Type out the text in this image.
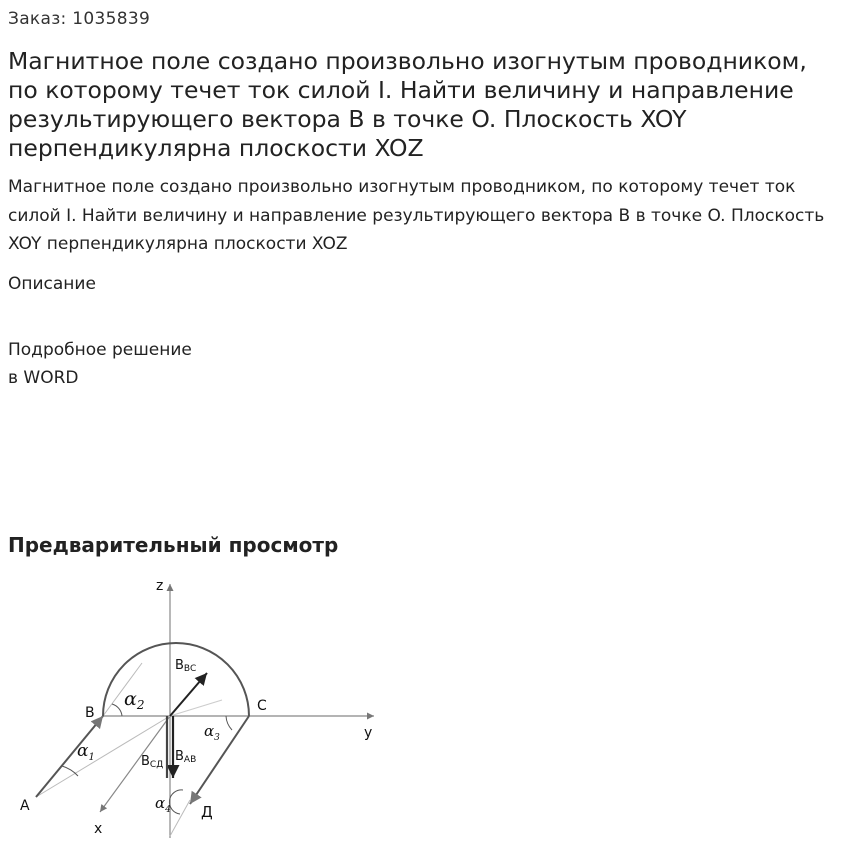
Заказ: 1035839
Магнитное поле создано произвольно изогнутым проводником, по которому течет ток силой I. Найти величину и направление результирующего вектора B в точке O. Плоскость XOY перпендикулярна плоскости XOZ

Магнитное поле создано произвольно изогнутым проводником, по которому течет ток силой I. Найти величину и направление результирующего вектора B в точке O. Плоскость XOY перпендикулярна плоскости XOZ

Описание
Подробное решение
в WORD
Предварительный просмотр
z
y
x
A
B	C
Д
BBC
BAB
BCД
$\alpha_1$
$\alpha_2$
$\alpha_3$
$\alpha_4$
